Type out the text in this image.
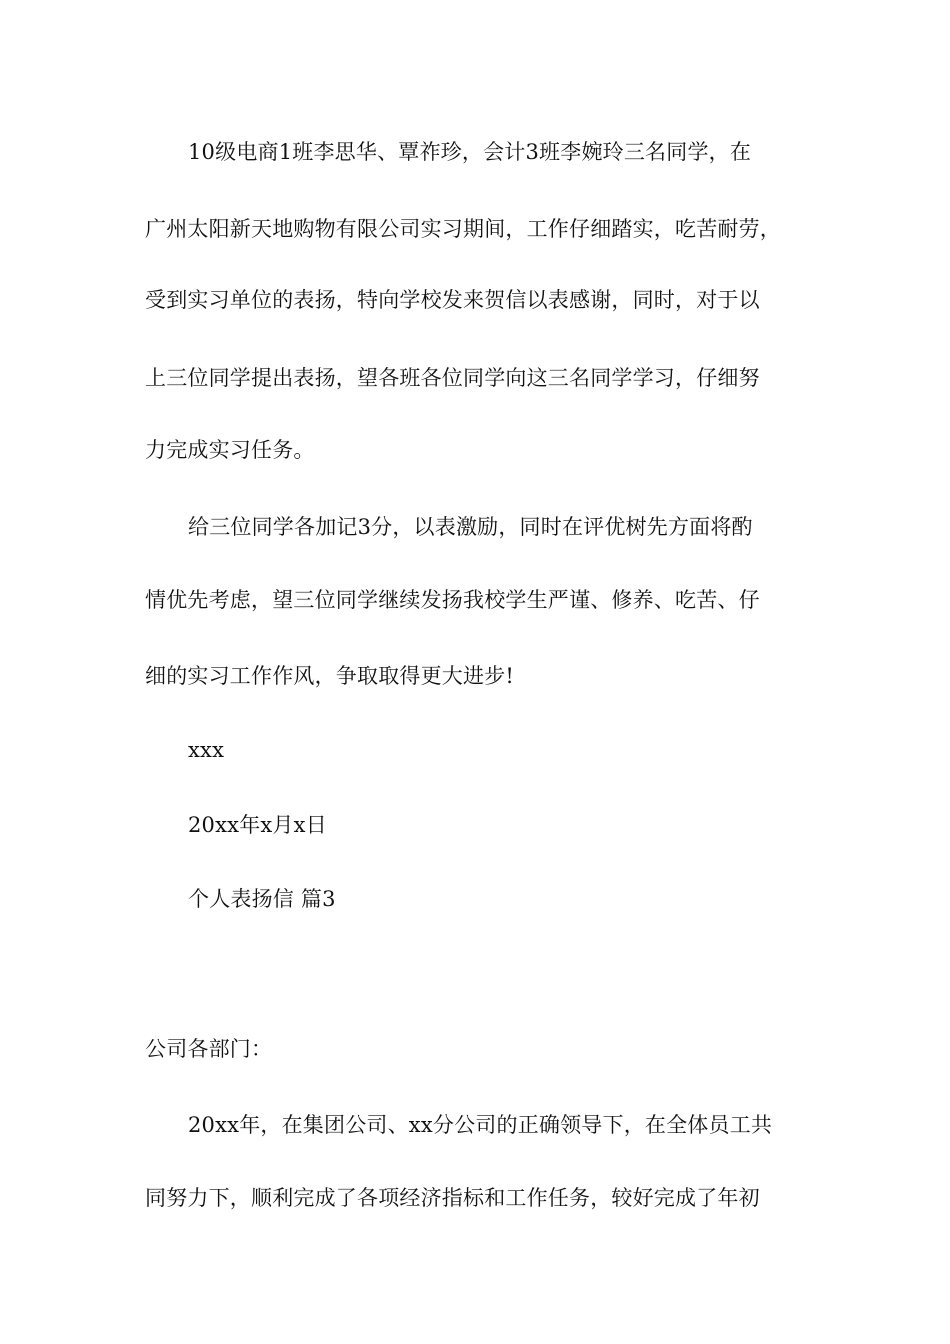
10级电商1班李思华、覃祚珍，会计3班李婉玲三名同学，在
广州太阳新天地购物有限公司实习期间，工作仔细踏实，吃苦耐劳，
受到实习单位的表扬，特向学校发来贺信以表感谢，同时，对于以
上三位同学提出表扬，望各班各位同学向这三名同学学习，仔细努
力完成实习任务。
给三位同学各加记3分，以表激励，同时在评优树先方面将酌
情优先考虑，望三位同学继续发扬我校学生严谨、修养、吃苦、仔
细的实习工作作风，争取取得更大进步!
xxx
20xx年x月x日
个人表扬信 篇3
公司各部门：
20xx年，在集团公司、xx分公司的正确领导下，在全体员工共
同努力下，顺利完成了各项经济指标和工作任务，较好完成了年初
